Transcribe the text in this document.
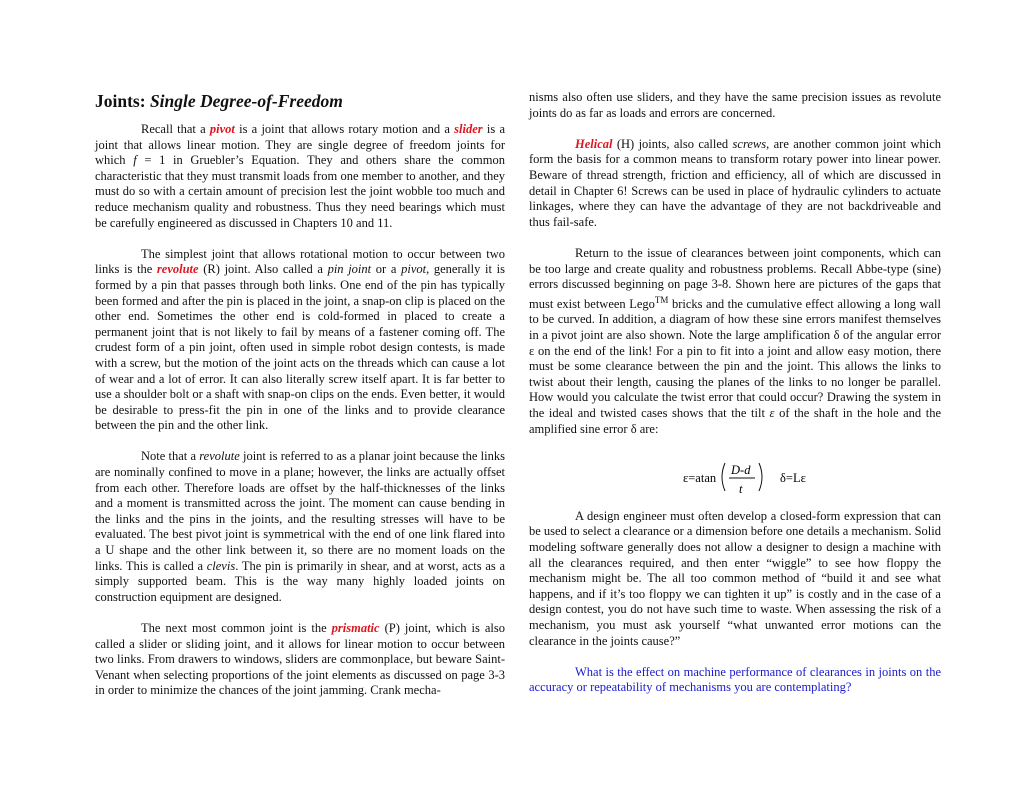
Joints: Single Degree-of-Freedom

Recall that a pivot is a joint that allows rotary motion and a slider is a joint that allows linear motion. They are single degree of freedom joints for which f = 1 in Gruebler’s Equation. They and others share the common characteristic that they must transmit loads from one member to another, and they must do so with a certain amount of precision lest the joint wobble too much and reduce mechanism quality and robustness. Thus they need bearings which must be carefully engineered as discussed in Chapters 10 and 11.

The simplest joint that allows rotational motion to occur between two links is the revolute (R) joint. Also called a pin joint or a pivot, generally it is formed by a pin that passes through both links. One end of the pin has typically been formed and after the pin is placed in the joint, a snap-on clip is placed on the other end. Sometimes the other end is cold-formed in placed to create a permanent joint that is not likely to fail by means of a fastener coming off. The crudest form of a pin joint, often used in simple robot design contests, is made with a screw, but the motion of the joint acts on the threads which can cause a lot of wear and a lot of error. It can also literally screw itself apart. It is far better to use a shoulder bolt or a shaft with snap-on clips on the ends. Even better, it would be desirable to press-fit the pin in one of the links and to provide clearance between the pin and the other link.

Note that a revolute joint is referred to as a planar joint because the links are nominally confined to move in a plane; however, the links are actually offset from each other. Therefore loads are offset by the half-thicknesses of the links and a moment is transmitted across the joint. The moment can cause bending in the links and the pins in the joints, and the resulting stresses will have to be evaluated. The best pivot joint is symmetrical with the end of one link flared into a U shape and the other link between it, so there are no moment loads on the links. This is called a clevis. The pin is primarily in shear, and at worst, acts as a simply supported beam. This is the way many highly loaded joints on construction equipment are designed.

The next most common joint is the prismatic (P) joint, which is also called a slider or sliding joint, and it allows for linear motion to occur between two links. From drawers to windows, sliders are commonplace, but beware Saint-Venant when selecting proportions of the joint elements as discussed on page 3-3 in order to minimize the chances of the joint jamming. Crank mecha-

nisms also often use sliders, and they have the same precision issues as revolute joints do as far as loads and errors are concerned.

Helical (H) joints, also called screws, are another common joint which form the basis for a common means to transform rotary power into linear power. Beware of thread strength, friction and efficiency, all of which are discussed in detail in Chapter 6! Screws can be used in place of hydraulic cylinders to actuate linkages, where they can have the advantage of they are not backdriveable and thus fail-safe.

Return to the issue of clearances between joint components, which can be too large and create quality and robustness problems. Recall Abbe-type (sine) errors discussed beginning on page 3-8. Shown here are pictures of the gaps that must exist between Lego™ bricks and the cumulative effect allowing a long wall to be curved. In addition, a diagram of how these sine errors manifest themselves in a pivot joint are also shown. Note the large amplification δ of the angular error ε on the end of the link! For a pin to fit into a joint and allow easy motion, there must be some clearance between the pin and the joint. This allows the links to twist about their length, causing the planes of the links to no longer be parallel. How would you calculate the twist error that could occur? Drawing the system in the ideal and twisted cases shows that the tilt ε of the shaft in the hole and the amplified sine error δ are:

ε=atan
D-d
t
δ=Lε

A design engineer must often develop a closed-form expression that can be used to select a clearance or a dimension before one details a mechanism. Solid modeling software generally does not allow a designer to design a machine with all the clearances required, and then enter “wiggle” to see how floppy the mechanism might be. The all too common method of “build it and see what happens, and if it’s too floppy we can tighten it up” is costly and in the case of a design contest, you do not have such time to waste. When assessing the risk of a mechanism, you must ask yourself “what unwanted error motions can the clearance in the joints cause?”

What is the effect on machine performance of clearances in joints on the accuracy or repeatability of mechanisms you are contemplating?
